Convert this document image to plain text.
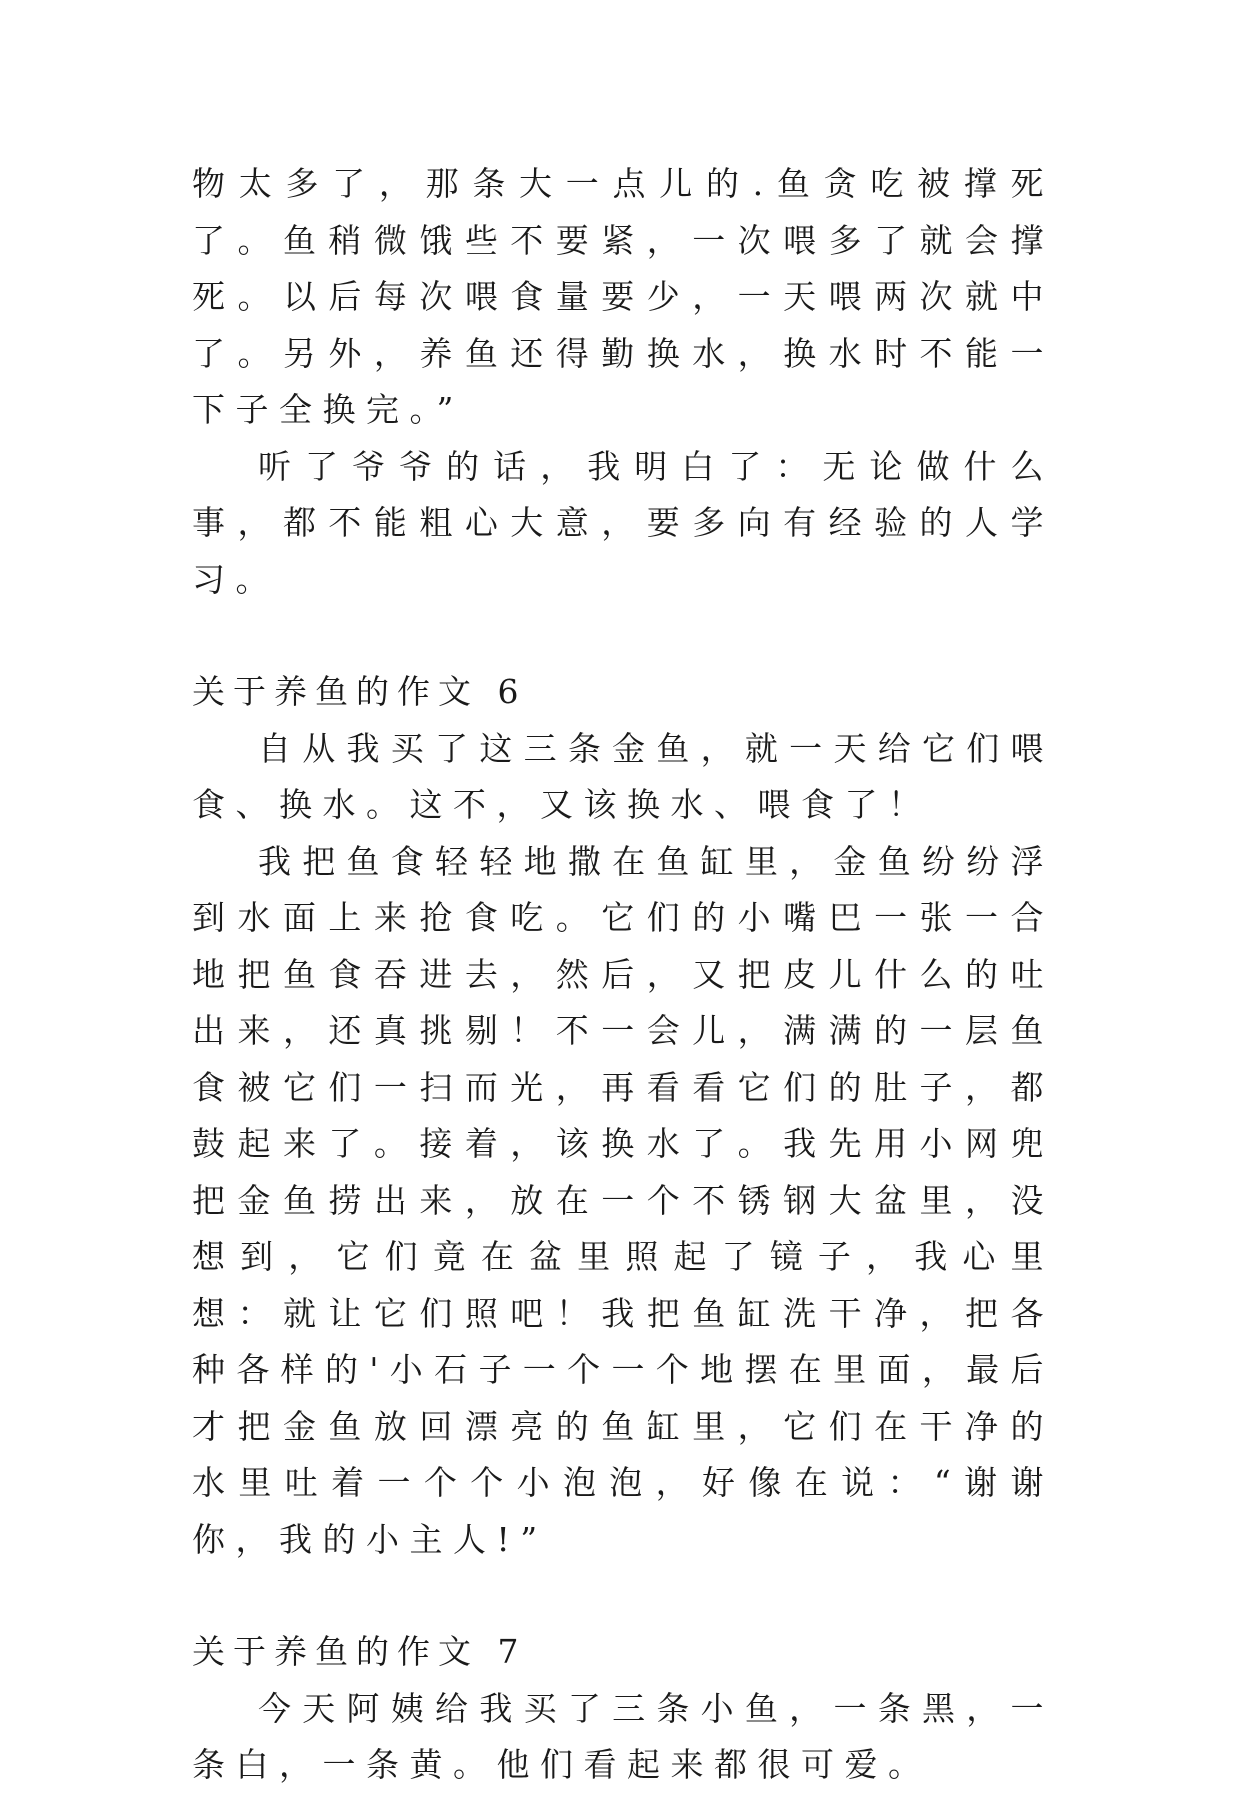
物太多了，那条大一点儿的.鱼贪吃被撑死了。鱼稍微饿些不要紧，一次喂多了就会撑死。以后每次喂食量要少，一天喂两次就中了。另外，养鱼还得勤换水，换水时不能一下子全换完。”

听了爷爷的话，我明白了：无论做什么事，都不能粗心大意，要多向有经验的人学习。

关于养鱼的作文 6

自从我买了这三条金鱼，就一天给它们喂食、换水。这不，又该换水、喂食了！

我把鱼食轻轻地撒在鱼缸里，金鱼纷纷浮到水面上来抢食吃。它们的小嘴巴一张一合地把鱼食吞进去，然后，又把皮儿什么的吐出来，还真挑剔！不一会儿，满满的一层鱼食被它们一扫而光，再看看它们的肚子，都鼓起来了。接着，该换水了。我先用小网兜把金鱼捞出来，放在一个不锈钢大盆里，没想到，它们竟在盆里照起了镜子，我心里想：就让它们照吧！我把鱼缸洗干净，把各种各样的'小石子一个一个地摆在里面，最后才把金鱼放回漂亮的鱼缸里，它们在干净的水里吐着一个个小泡泡，好像在说：“谢谢你，我的小主人!”

关于养鱼的作文 7

今天阿姨给我买了三条小鱼，一条黑，一条白，一条黄。他们看起来都很可爱。
